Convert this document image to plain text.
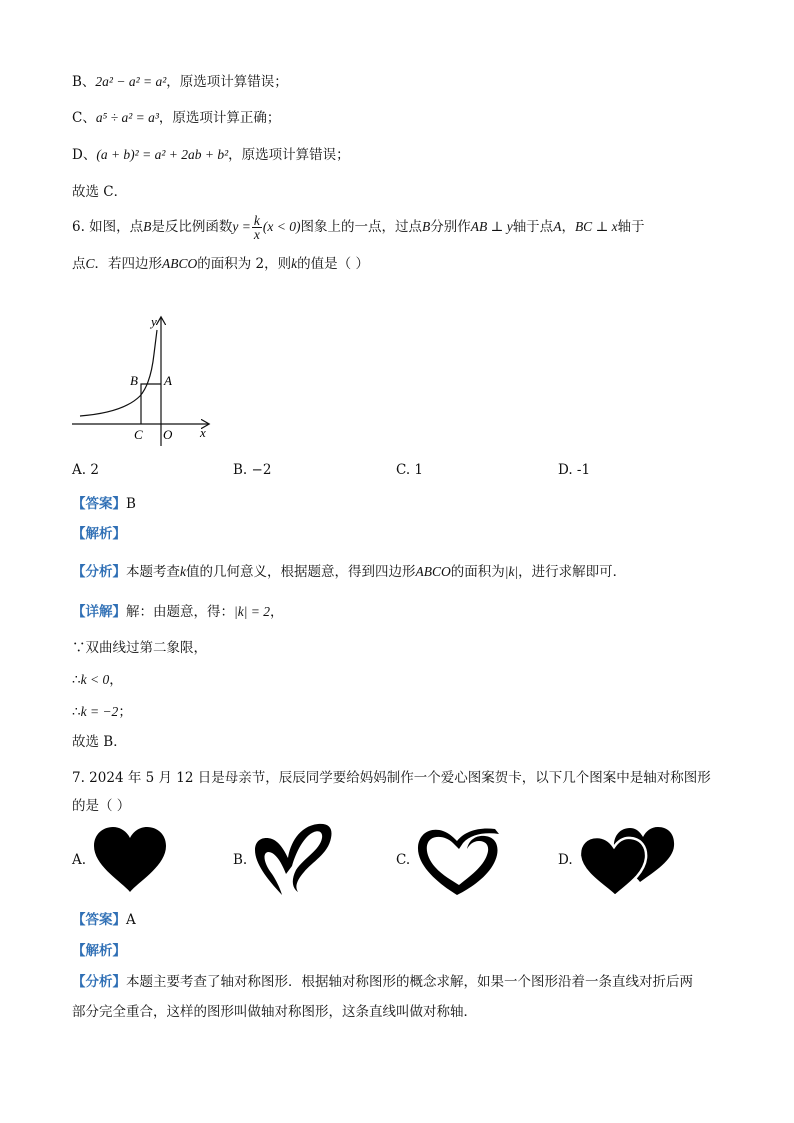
B、2a² − a² = a²，原选项计算错误；
C、a⁵ ÷ a² = a³，原选项计算正确；
D、(a + b)² = a² + 2ab + b²，原选项计算错误；
故选 C．
6. 如图，点B是反比例函数$y = \frac{k}{x} (x < 0)$图象上的一点，过点B分别作AB ⊥ y轴于点A，BC ⊥ x轴于
点C．若四边形ABCO的面积为 2，则k的值是（ ）
y
x
B A
C O
A. 2	B. −2	C. 1	D. -1
【答案】B
【解析】
【分析】本题考查k值的几何意义，根据题意，得到四边形ABCO的面积为|k|，进行求解即可．
【详解】解：由题意，得：|k| = 2，
∵双曲线过第二象限，
∴k < 0，
∴k = −2；
故选 B．
7. 2024 年 5 月 12 日是母亲节，辰辰同学要给妈妈制作一个爱心图案贺卡，以下几个图案中是轴对称图形
的是（ ）
A.	B.	C.	D.
【答案】A
【解析】
【分析】本题主要考查了轴对称图形．根据轴对称图形的概念求解，如果一个图形沿着一条直线对折后两
部分完全重合，这样的图形叫做轴对称图形，这条直线叫做对称轴．
